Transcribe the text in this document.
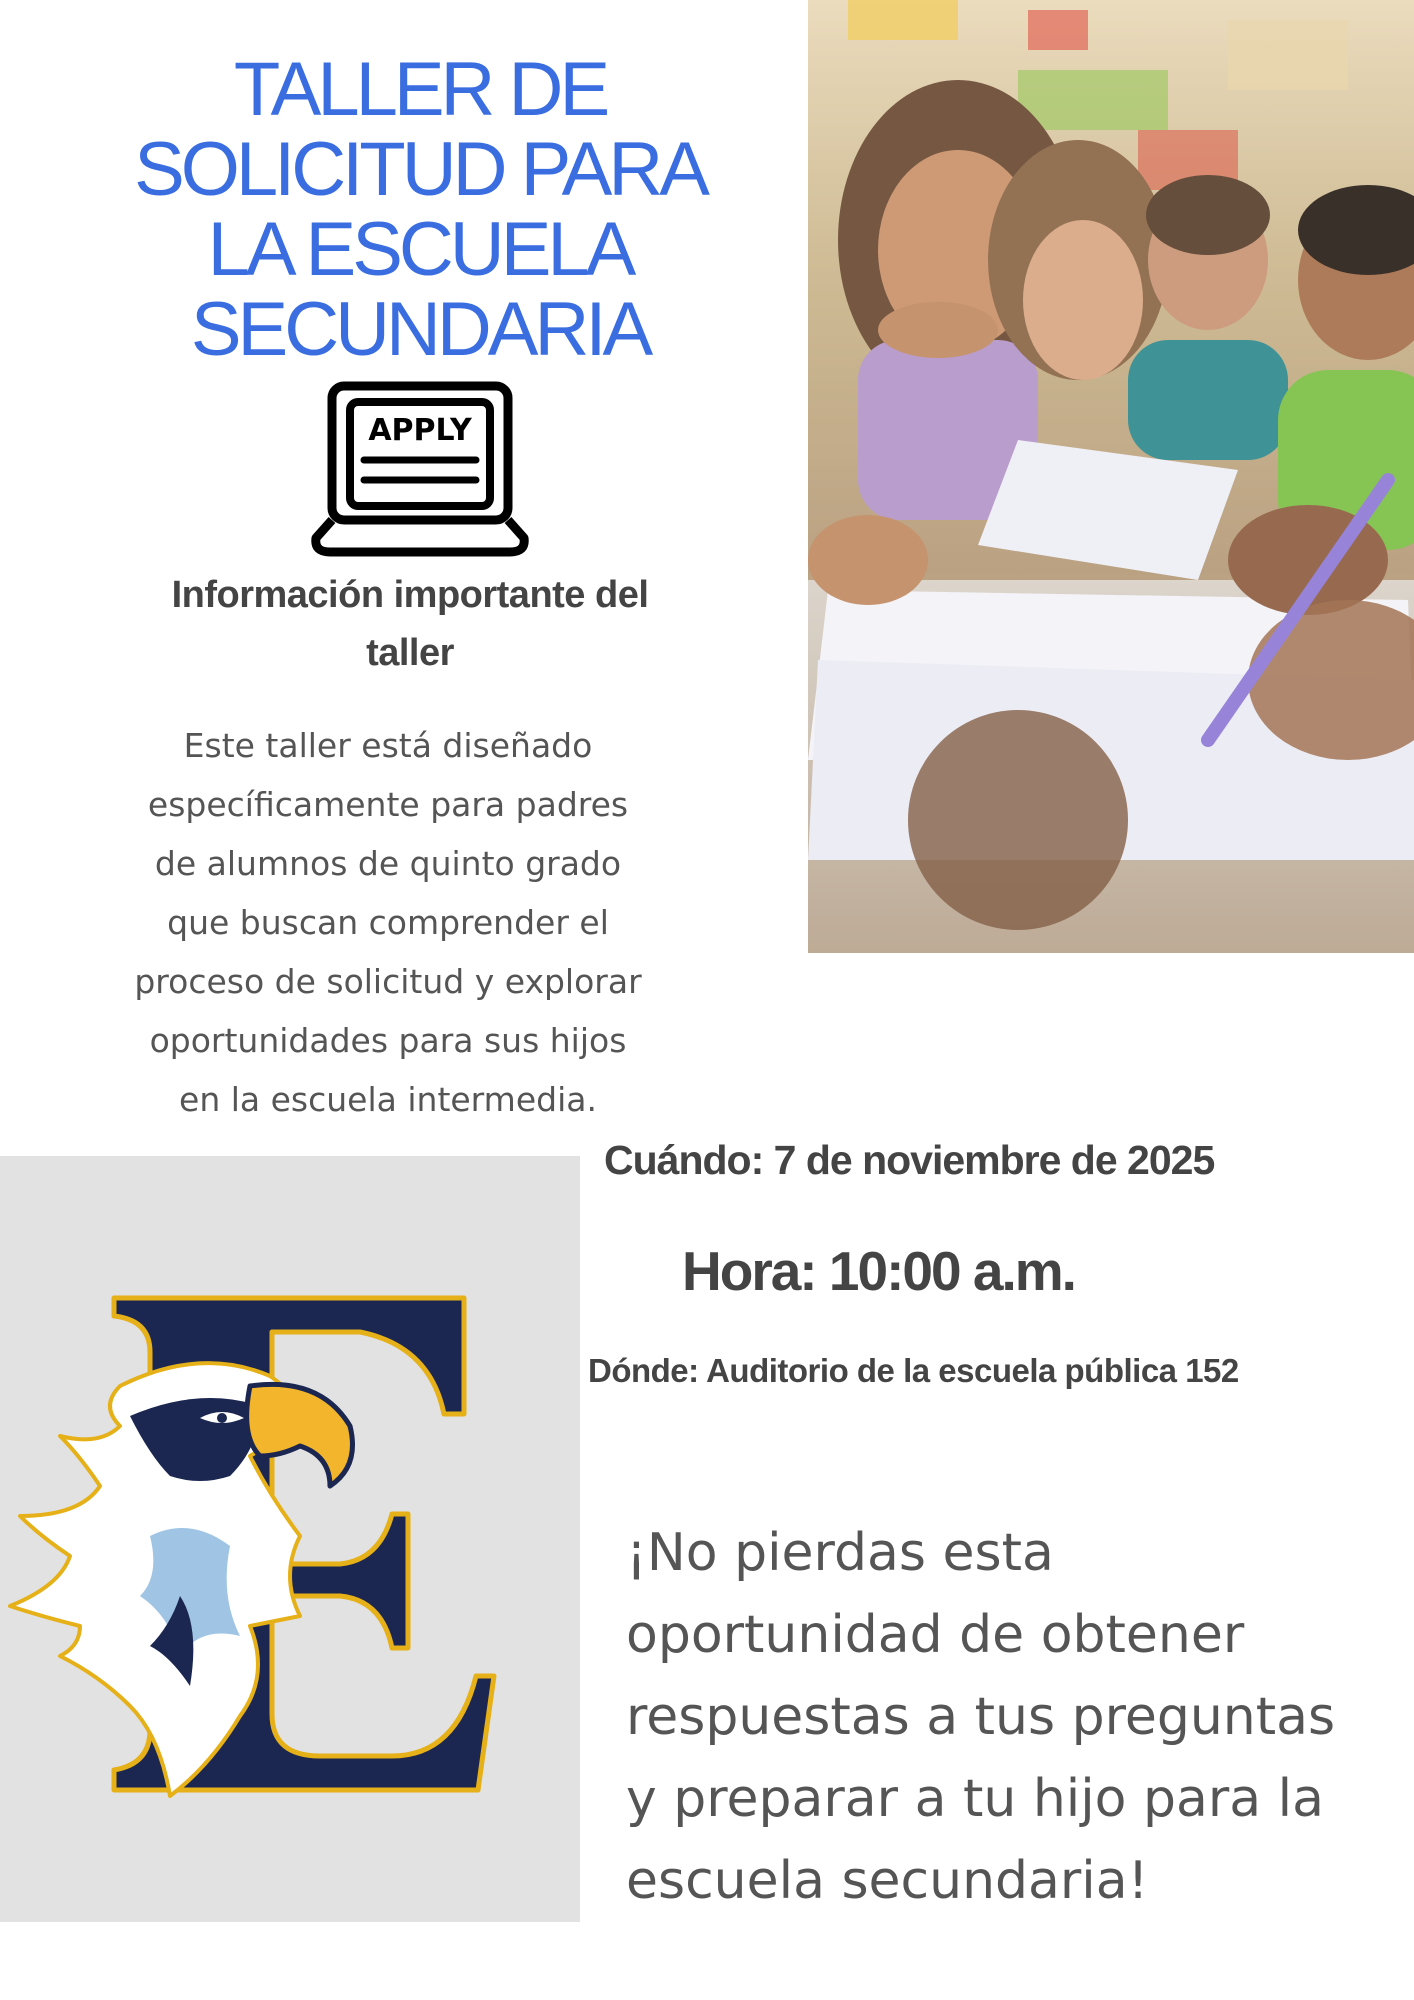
TALLER DE
SOLICITUD PARA
LA ESCUELA
SECUNDARIA
APPLY
Información importante del
taller
Este taller está diseñado
específicamente para padres
de alumnos de quinto grado
que buscan comprender el
proceso de solicitud y explorar
oportunidades para sus hijos
en la escuela intermedia.
Cuándo: 7 de noviembre de 2025
Hora: 10:00 a.m.
Dónde: Auditorio de la escuela pública 152
¡No pierdas esta
oportunidad de obtener
respuestas a tus preguntas
y preparar a tu hijo para la
escuela secundaria!
